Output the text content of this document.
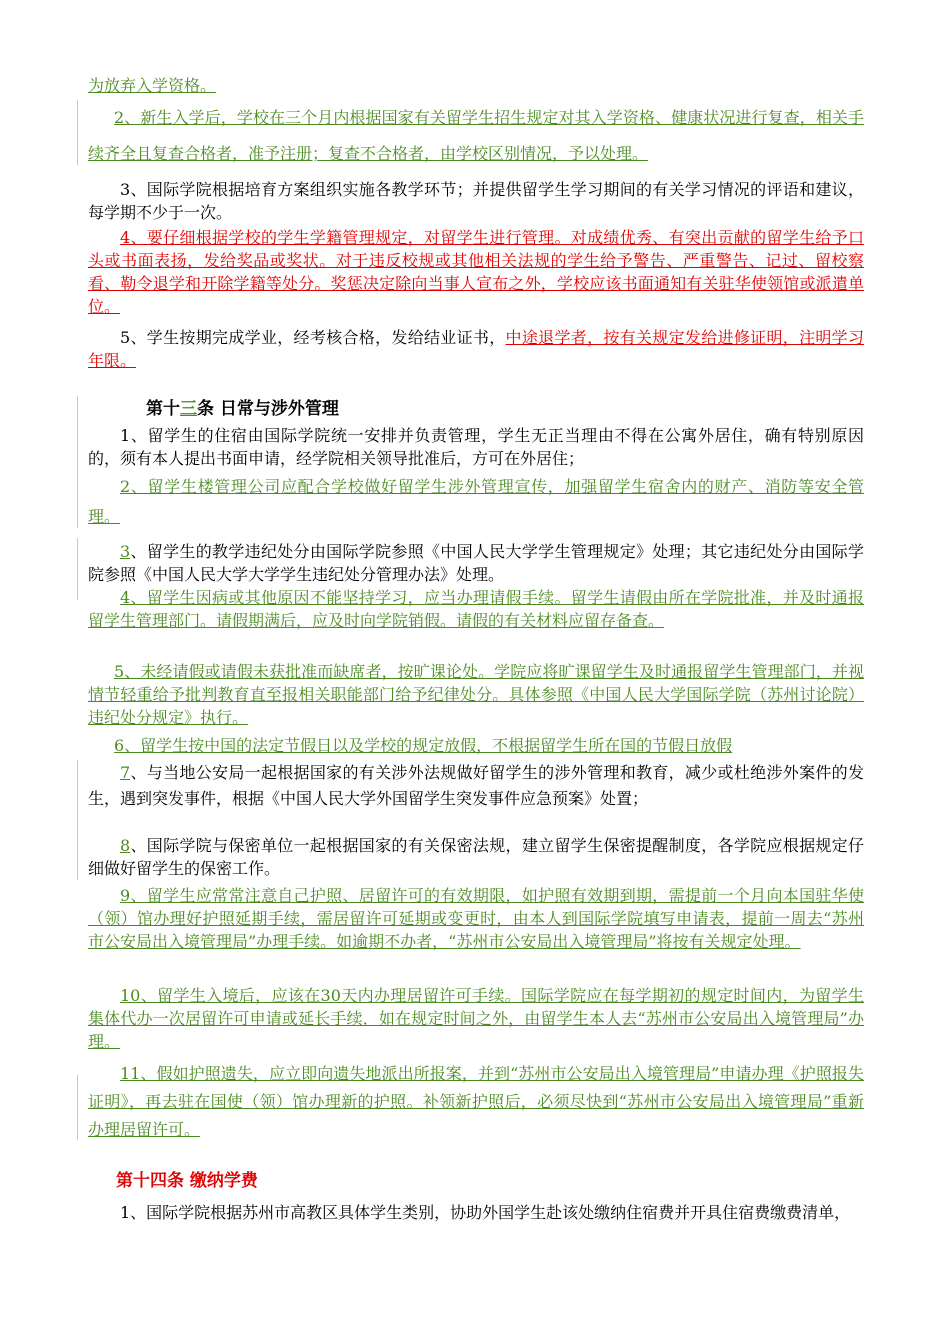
为放弃入学资格。

2、新生入学后，学校在三个月内根据国家有关留学生招生规定对其入学资格、健康状况进行复查，相关手续齐全且复查合格者，准予注册；复查不合格者，由学校区别情况，予以处理。

3、国际学院根据培育方案组织实施各教学环节；并提供留学生学习期间的有关学习情况的评语和建议，每学期不少于一次。

4、要仔细根据学校的学生学籍管理规定，对留学生进行管理。对成绩优秀、有突出贡献的留学生给予口头或书面表扬，发给奖品或奖状。对于违反校规或其他相关法规的学生给予警告、严重警告、记过、留校察看、勒令退学和开除学籍等处分。奖惩决定除向当事人宣布之外，学校应该书面通知有关驻华使领馆或派遣单位。

5、学生按期完成学业，经考核合格，发给结业证书，中途退学者，按有关规定发给进修证明，注明学习年限。

第十三条 日常与涉外管理

1、留学生的住宿由国际学院统一安排并负责管理，学生无正当理由不得在公寓外居住，确有特别原因的，须有本人提出书面申请，经学院相关领导批准后，方可在外居住；

2、留学生楼管理公司应配合学校做好留学生涉外管理宣传，加强留学生宿舍内的财产、消防等安全管理。

3、留学生的教学违纪处分由国际学院参照《中国人民大学学生管理规定》处理；其它违纪处分由国际学院参照《中国人民大学大学学生违纪处分管理办法》处理。

4、留学生因病或其他原因不能坚持学习，应当办理请假手续。留学生请假由所在学院批准，并及时通报留学生管理部门。请假期满后，应及时向学院销假。请假的有关材料应留存备查。

5、未经请假或请假未获批准而缺席者，按旷课论处。学院应将旷课留学生及时通报留学生管理部门，并视情节轻重给予批判教育直至报相关职能部门给予纪律处分。具体参照《中国人民大学国际学院（苏州讨论院）违纪处分规定》执行。

6、留学生按中国的法定节假日以及学校的规定放假，不根据留学生所在国的节假日放假

7、与当地公安局一起根据国家的有关涉外法规做好留学生的涉外管理和教育，减少或杜绝涉外案件的发生，遇到突发事件，根据《中国人民大学外国留学生突发事件应急预案》处置；

8、国际学院与保密单位一起根据国家的有关保密法规，建立留学生保密提醒制度，各学院应根据规定仔细做好留学生的保密工作。

9、留学生应常常注意自己护照、居留许可的有效期限，如护照有效期到期，需提前一个月向本国驻华使（领）馆办理好护照延期手续，需居留许可延期或变更时，由本人到国际学院填写申请表，提前一周去“苏州市公安局出入境管理局”办理手续。如逾期不办者，“苏州市公安局出入境管理局”将按有关规定处理。

10、留学生入境后，应该在30天内办理居留许可手续。国际学院应在每学期初的规定时间内，为留学生集体代办一次居留许可申请或延长手续．如在规定时间之外，由留学生本人去“苏州市公安局出入境管理局”办理。

11、假如护照遗失，应立即向遗失地派出所报案，并到“苏州市公安局出入境管理局”申请办理《护照报失证明》，再去驻在国使（领）馆办理新的护照。补领新护照后，必须尽快到“苏州市公安局出入境管理局”重新办理居留许可。

第十四条 缴纳学费

1、国际学院根据苏州市高教区具体学生类别，协助外国学生赴该处缴纳住宿费并开具住宿费缴费清单，
